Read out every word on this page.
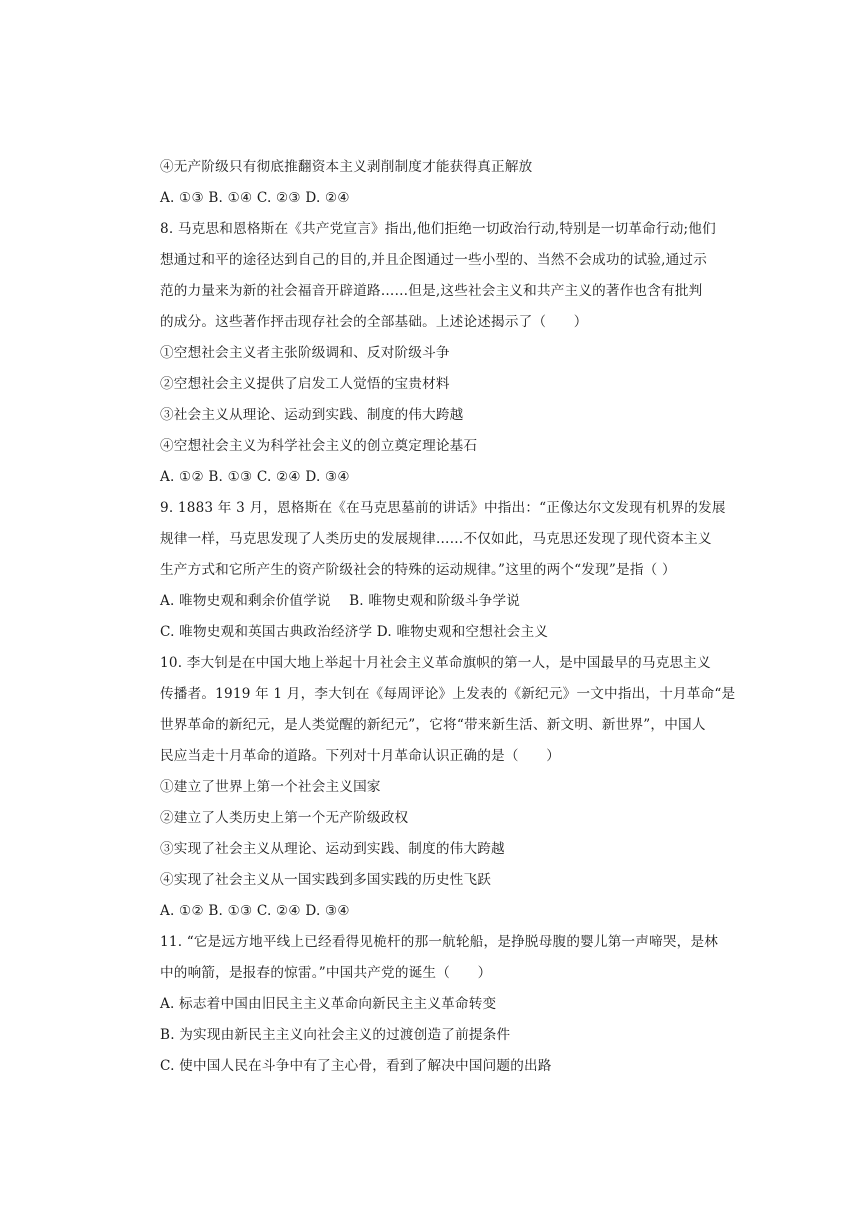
④无产阶级只有彻底推翻资本主义剥削制度才能获得真正解放
A. ①③ B. ①④ C. ②③ D. ②④
8. 马克思和恩格斯在《共产党宣言》指出,他们拒绝一切政治行动,特别是一切革命行动;他们
想通过和平的途径达到自己的目的,并且企图通过一些小型的、当然不会成功的试验,通过示
范的力量来为新的社会福音开辟道路……但是,这些社会主义和共产主义的著作也含有批判
的成分。这些著作抨击现存社会的全部基础。上述论述揭示了（　　）
①空想社会主义者主张阶级调和、反对阶级斗争
②空想社会主义提供了启发工人觉悟的宝贵材料
③社会主义从理论、运动到实践、制度的伟大跨越
④空想社会主义为科学社会主义的创立奠定理论基石
A. ①② B. ①③ C. ②④ D. ③④
9. 1883 年 3 月，恩格斯在《在马克思墓前的讲话》中指出：“正像达尔文发现有机界的发展
规律一样，马克思发现了人类历史的发展规律……不仅如此，马克思还发现了现代资本主义
生产方式和它所产生的资产阶级社会的特殊的运动规律。”这里的两个“发现”是指（ ）
A. 唯物史观和剩余价值学说　 B. 唯物史观和阶级斗争学说
C. 唯物史观和英国古典政治经济学 D. 唯物史观和空想社会主义
10. 李大钊是在中国大地上举起十月社会主义革命旗帜的第一人，是中国最早的马克思主义
传播者。1919 年 1 月，李大钊在《每周评论》上发表的《新纪元》一文中指出，十月革命“是
世界革命的新纪元，是人类觉醒的新纪元”，它将“带来新生活、新文明、新世界”，中国人
民应当走十月革命的道路。下列对十月革命认识正确的是（　　）
①建立了世界上第一个社会主义国家
②建立了人类历史上第一个无产阶级政权
③实现了社会主义从理论、运动到实践、制度的伟大跨越
④实现了社会主义从一国实践到多国实践的历史性飞跃
A. ①② B. ①③ C. ②④ D. ③④
11. “它是远方地平线上已经看得见桅杆的那一航轮船，是挣脱母腹的婴儿第一声啼哭，是林
中的响箭，是报春的惊雷。”中国共产党的诞生（　　）
A. 标志着中国由旧民主主义革命向新民主主义革命转变
B. 为实现由新民主主义向社会主义的过渡创造了前提条件
C. 使中国人民在斗争中有了主心骨，看到了解决中国问题的出路
